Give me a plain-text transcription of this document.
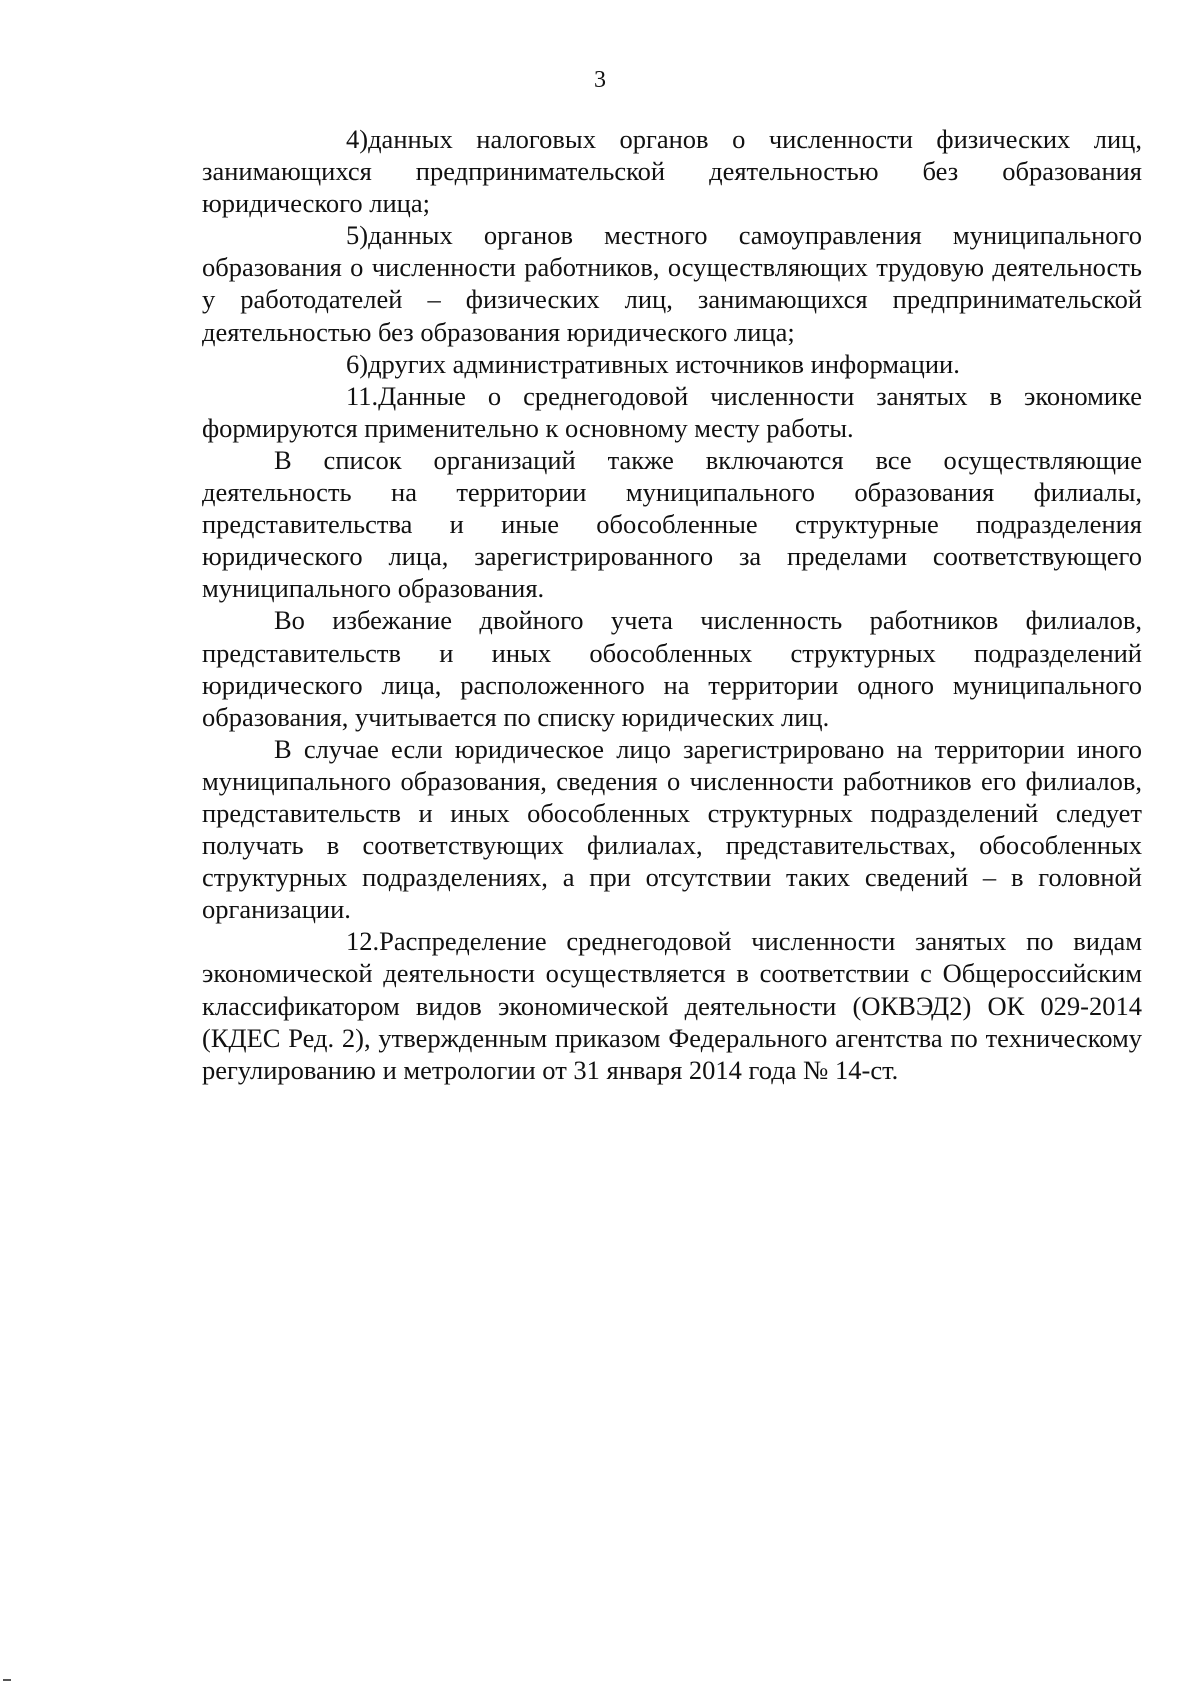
3

4)данных налоговых органов о численности физических лиц, занимающихся предпринимательской деятельностью без образования юридического лица;

5)данных органов местного самоуправления муниципального образования о численности работников, осуществляющих трудовую деятельность у работодателей – физических лиц, занимающихся предпринимательской деятельностью без образования юридического лица;

6)других административных источников информации.

11.Данные о среднегодовой численности занятых в экономике формируются применительно к основному месту работы.

В список организаций также включаются все осуществляющие деятельность на территории муниципального образования филиалы, представительства и иные обособленные структурные подразделения юридического лица, зарегистрированного за пределами соответствующего муниципального образования.

Во избежание двойного учета численность работников филиалов, представительств и иных обособленных структурных подразделений юридического лица, расположенного на территории одного муниципального образования, учитывается по списку юридических лиц.

В случае если юридическое лицо зарегистрировано на территории иного муниципального образования, сведения о численности работников его филиалов, представительств и иных обособленных структурных подразделений следует получать в соответствующих филиалах, представительствах, обособленных структурных подразделениях, а при отсутствии таких сведений – в головной организации.

12.Распределение среднегодовой численности занятых по видам экономической деятельности осуществляется в соответствии с Общероссийским классификатором видов экономической деятельности (ОКВЭД2) ОК 029-2014 (КДЕС Ред. 2), утвержденным приказом Федерального агентства по техническому регулированию и метрологии от 31 января 2014 года № 14-ст.
